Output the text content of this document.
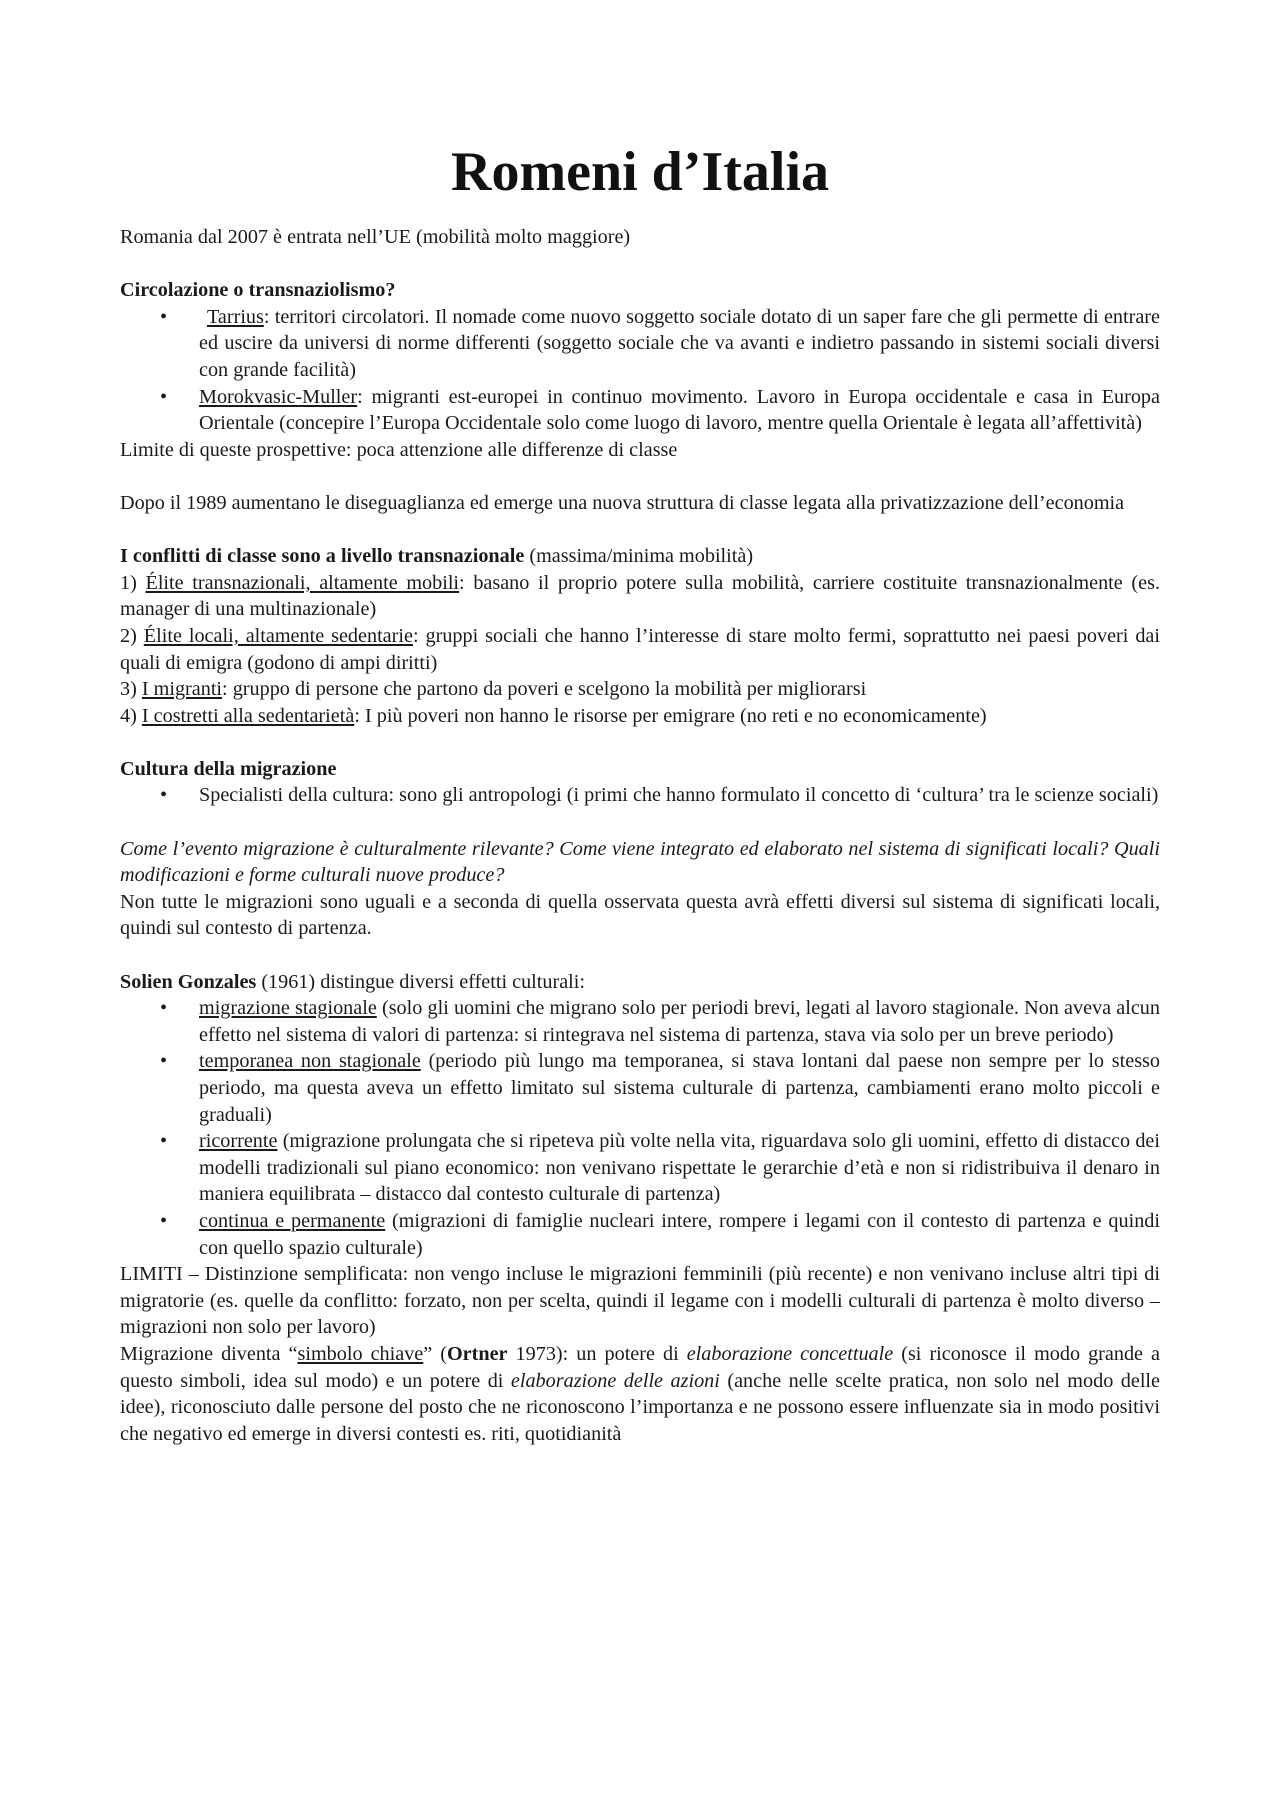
Romeni d’Italia

Romania dal 2007 è entrata nell’UE (mobilità molto maggiore)

Circolazione o transnaziolismo?

• Tarrius: territori circolatori. Il nomade come nuovo soggetto sociale dotato di un saper fare che gli permette di entrare ed uscire da universi di norme differenti (soggetto sociale che va avanti e indietro passando in sistemi sociali diversi con grande facilità)
• Morokvasic-Muller: migranti est-europei in continuo movimento. Lavoro in Europa occidentale e casa in Europa Orientale (concepire l’Europa Occidentale solo come luogo di lavoro, mentre quella Orientale è legata all’affettività)

Limite di queste prospettive: poca attenzione alle differenze di classe

Dopo il 1989 aumentano le diseguaglianza ed emerge una nuova struttura di classe legata alla privatizzazione dell’economia

I conflitti di classe sono a livello transnazionale (massima/minima mobilità)

1) Élite transnazionali, altamente mobili: basano il proprio potere sulla mobilità, carriere costituite transnazionalmente (es. manager di una multinazionale)

2) Élite locali, altamente sedentarie: gruppi sociali che hanno l’interesse di stare molto fermi, soprattutto nei paesi poveri dai quali di emigra (godono di ampi diritti)

3) I migranti: gruppo di persone che partono da poveri e scelgono la mobilità per migliorarsi

4) I costretti alla sedentarietà: I più poveri non hanno le risorse per emigrare (no reti e no economicamente)

Cultura della migrazione

• Specialisti della cultura: sono gli antropologi (i primi che hanno formulato il concetto di ‘cultura’ tra le scienze sociali)

Come l’evento migrazione è culturalmente rilevante? Come viene integrato ed elaborato nel sistema di significati locali? Quali modificazioni e forme culturali nuove produce?

Non tutte le migrazioni sono uguali e a seconda di quella osservata questa avrà effetti diversi sul sistema di significati locali, quindi sul contesto di partenza.

Solien Gonzales (1961) distingue diversi effetti culturali:

• migrazione stagionale (solo gli uomini che migrano solo per periodi brevi, legati al lavoro stagionale. Non aveva alcun effetto nel sistema di valori di partenza: si rintegrava nel sistema di partenza, stava via solo per un breve periodo)
• temporanea non stagionale (periodo più lungo ma temporanea, si stava lontani dal paese non sempre per lo stesso periodo, ma questa aveva un effetto limitato sul sistema culturale di partenza, cambiamenti erano molto piccoli e graduali)
• ricorrente (migrazione prolungata che si ripeteva più volte nella vita, riguardava solo gli uomini, effetto di distacco dei modelli tradizionali sul piano economico: non venivano rispettate le gerarchie d’età e non si ridistribuiva il denaro in maniera equilibrata – distacco dal contesto culturale di partenza)
• continua e permanente (migrazioni di famiglie nucleari intere, rompere i legami con il contesto di partenza e quindi con quello spazio culturale)

LIMITI – Distinzione semplificata: non vengo incluse le migrazioni femminili (più recente) e non venivano incluse altri tipi di migratorie (es. quelle da conflitto: forzato, non per scelta, quindi il legame con i modelli culturali di partenza è molto diverso – migrazioni non solo per lavoro)

Migrazione diventa “simbolo chiave” (Ortner 1973): un potere di elaborazione concettuale (si riconosce il modo grande a questo simboli, idea sul modo) e un potere di elaborazione delle azioni (anche nelle scelte pratica, non solo nel modo delle idee), riconosciuto dalle persone del posto che ne riconoscono l’importanza e ne possono essere influenzate sia in modo positivi che negativo ed emerge in diversi contesti es. riti, quotidianità
